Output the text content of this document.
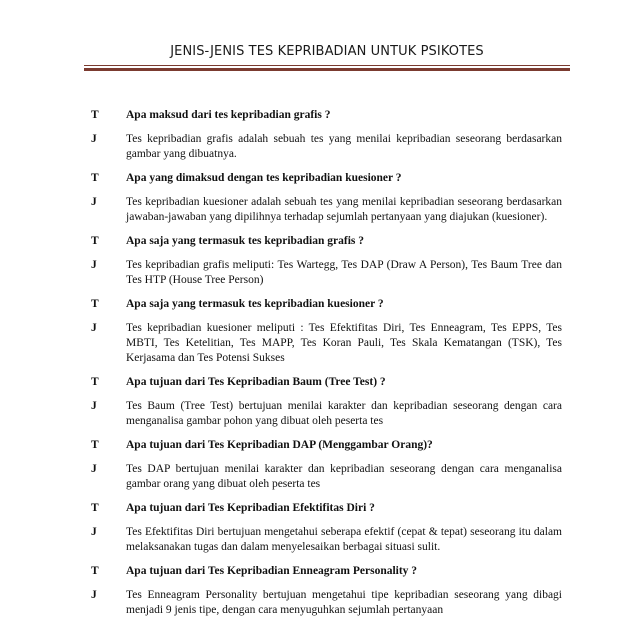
JENIS-JENIS TES KEPRIBADIAN UNTUK PSIKOTES
T	Apa maksud dari tes kepribadian grafis ?
J	Tes kepribadian grafis adalah sebuah tes yang menilai kepribadian seseorang berdasarkan gambar yang dibuatnya.
T	Apa yang dimaksud dengan tes kepribadian kuesioner ?
J	Tes kepribadian kuesioner adalah sebuah tes yang menilai kepribadian seseorang berdasarkan jawaban-jawaban yang dipilihnya terhadap sejumlah pertanyaan yang diajukan (kuesioner).
T	Apa saja yang termasuk tes kepribadian grafis ?
J	Tes kepribadian grafis meliputi: Tes Wartegg, Tes DAP (Draw A Person), Tes Baum Tree dan Tes HTP (House Tree Person)
T	Apa saja yang termasuk tes kepribadian kuesioner ?
J	Tes kepribadian kuesioner meliputi : Tes Efektifitas Diri, Tes Enneagram, Tes EPPS, Tes MBTI, Tes Ketelitian, Tes MAPP, Tes Koran Pauli, Tes Skala Kematangan (TSK), Tes Kerjasama dan Tes Potensi Sukses
T	Apa tujuan dari Tes Kepribadian Baum (Tree Test) ?
J	Tes Baum (Tree Test) bertujuan menilai karakter dan kepribadian seseorang dengan cara menganalisa gambar pohon yang dibuat oleh peserta tes
T	Apa tujuan dari Tes Kepribadian DAP (Menggambar Orang)?
J	Tes DAP bertujuan menilai karakter dan kepribadian seseorang dengan cara menganalisa gambar orang yang dibuat oleh peserta tes
T	Apa tujuan dari Tes Kepribadian Efektifitas Diri ?
J	Tes Efektifitas Diri bertujuan mengetahui seberapa efektif (cepat & tepat) seseorang itu dalam melaksanakan tugas dan dalam menyelesaikan berbagai situasi sulit.
T	Apa tujuan dari Tes Kepribadian Enneagram Personality ?
J	Tes Enneagram Personality bertujuan mengetahui tipe kepribadian seseorang yang dibagi menjadi 9 jenis tipe, dengan cara menyuguhkan sejumlah pertanyaan
